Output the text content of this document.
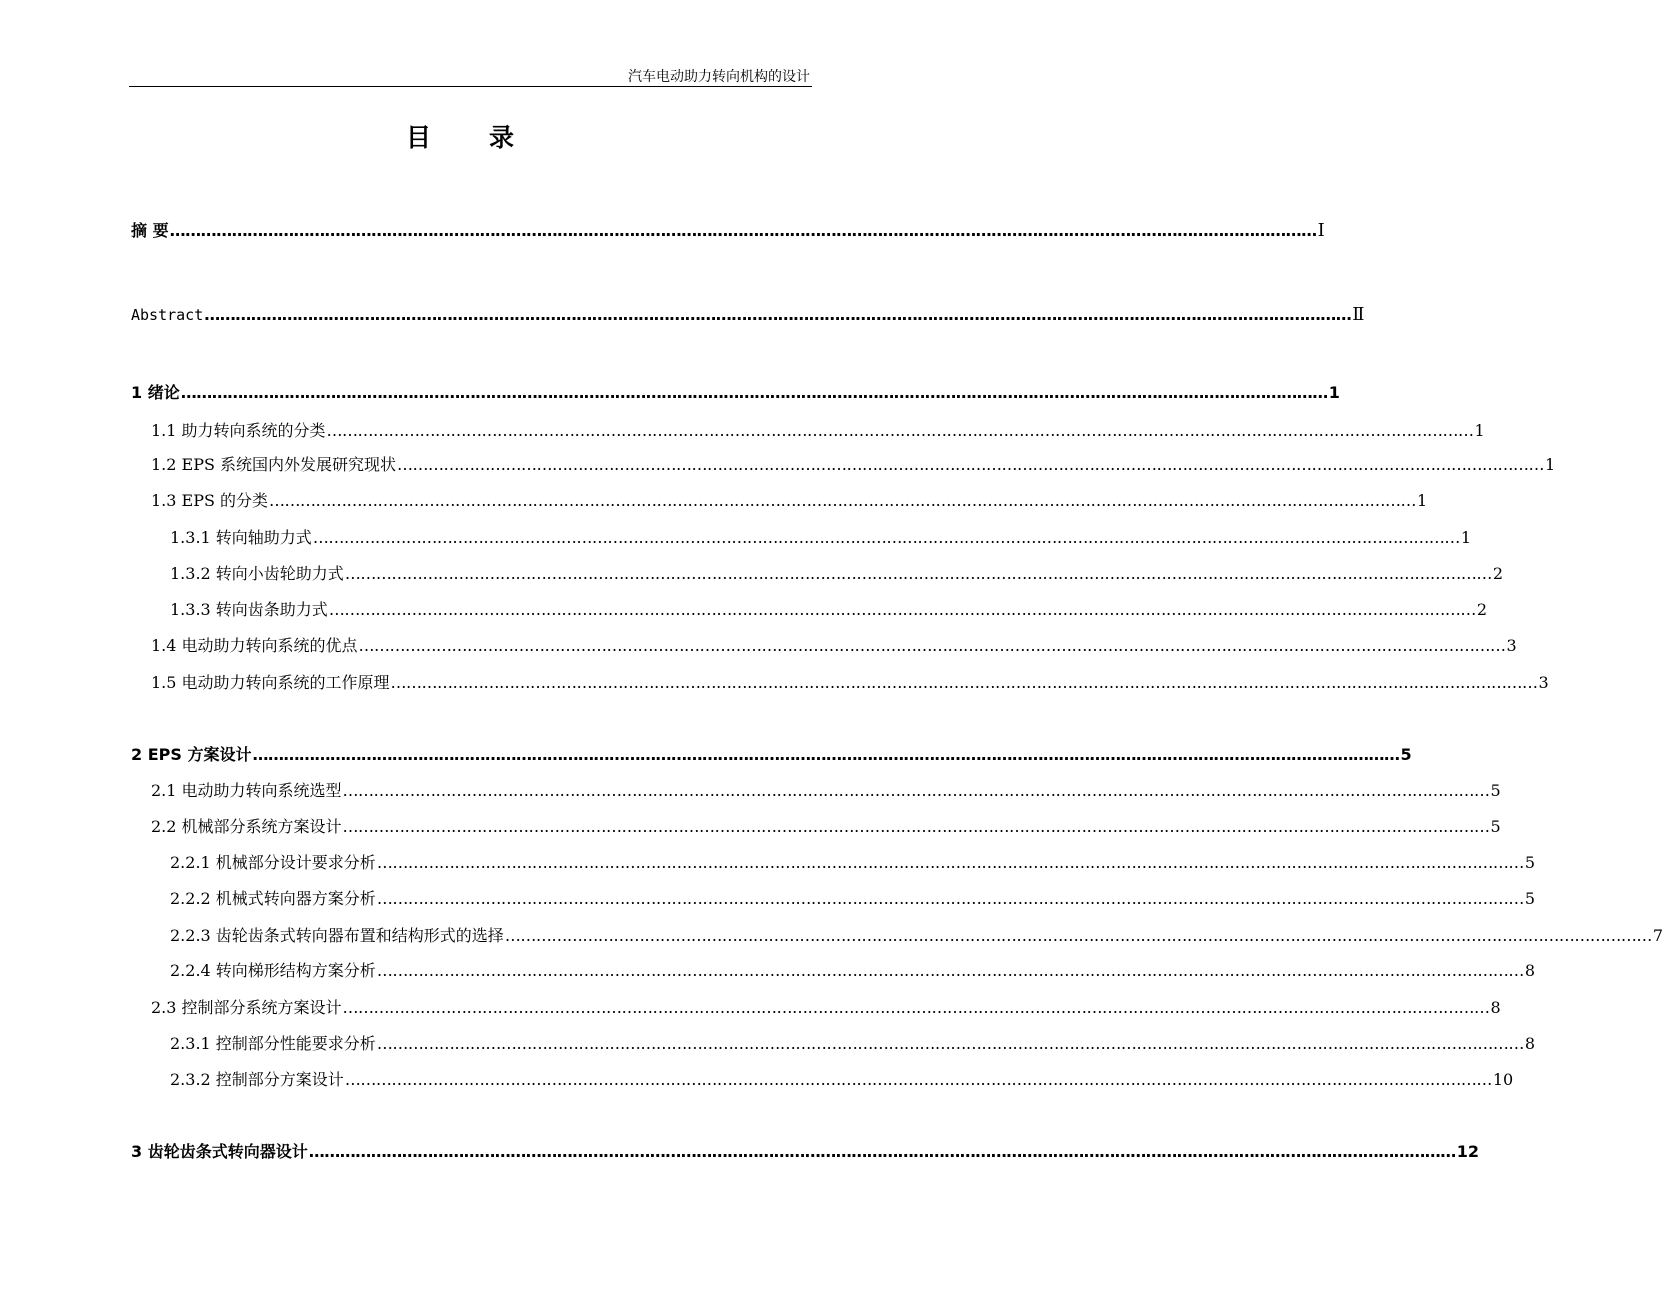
汽车电动助力转向机构的设计
目录
摘 要 …………………………………………………………………………………………………………………………………………………………………………………………………… Ⅰ
Abstract …………………………………………………………………………………………………………………………………………………………………………………………………… Ⅱ
1 绪论 …………………………………………………………………………………………………………………………………………………………………………………………………… 1
1.1 助力转向系统的分类 …………………………………………………………………………………………………………………………………………………………………………………………………… 1
1.2 EPS 系统国内外发展研究现状 …………………………………………………………………………………………………………………………………………………………………………………………………… 1
1.3 EPS 的分类 …………………………………………………………………………………………………………………………………………………………………………………………………… 1
1.3.1 转向轴助力式 …………………………………………………………………………………………………………………………………………………………………………………………………… 1
1.3.2 转向小齿轮助力式 …………………………………………………………………………………………………………………………………………………………………………………………………… 2
1.3.3 转向齿条助力式 …………………………………………………………………………………………………………………………………………………………………………………………………… 2
1.4 电动助力转向系统的优点 …………………………………………………………………………………………………………………………………………………………………………………………………… 3
1.5 电动助力转向系统的工作原理 …………………………………………………………………………………………………………………………………………………………………………………………………… 3
2 EPS 方案设计 …………………………………………………………………………………………………………………………………………………………………………………………………… 5
2.1 电动助力转向系统选型 …………………………………………………………………………………………………………………………………………………………………………………………………… 5
2.2 机械部分系统方案设计 …………………………………………………………………………………………………………………………………………………………………………………………………… 5
2.2.1 机械部分设计要求分析 …………………………………………………………………………………………………………………………………………………………………………………………………… 5
2.2.2 机械式转向器方案分析 …………………………………………………………………………………………………………………………………………………………………………………………………… 5
2.2.3 齿轮齿条式转向器布置和结构形式的选择 …………………………………………………………………………………………………………………………………………………………………………………………………… 7
2.2.4 转向梯形结构方案分析 …………………………………………………………………………………………………………………………………………………………………………………………………… 8
2.3 控制部分系统方案设计 …………………………………………………………………………………………………………………………………………………………………………………………………… 8
2.3.1 控制部分性能要求分析 …………………………………………………………………………………………………………………………………………………………………………………………………… 8
2.3.2 控制部分方案设计 …………………………………………………………………………………………………………………………………………………………………………………………………… 10
3 齿轮齿条式转向器设计 …………………………………………………………………………………………………………………………………………………………………………………………………… 12
